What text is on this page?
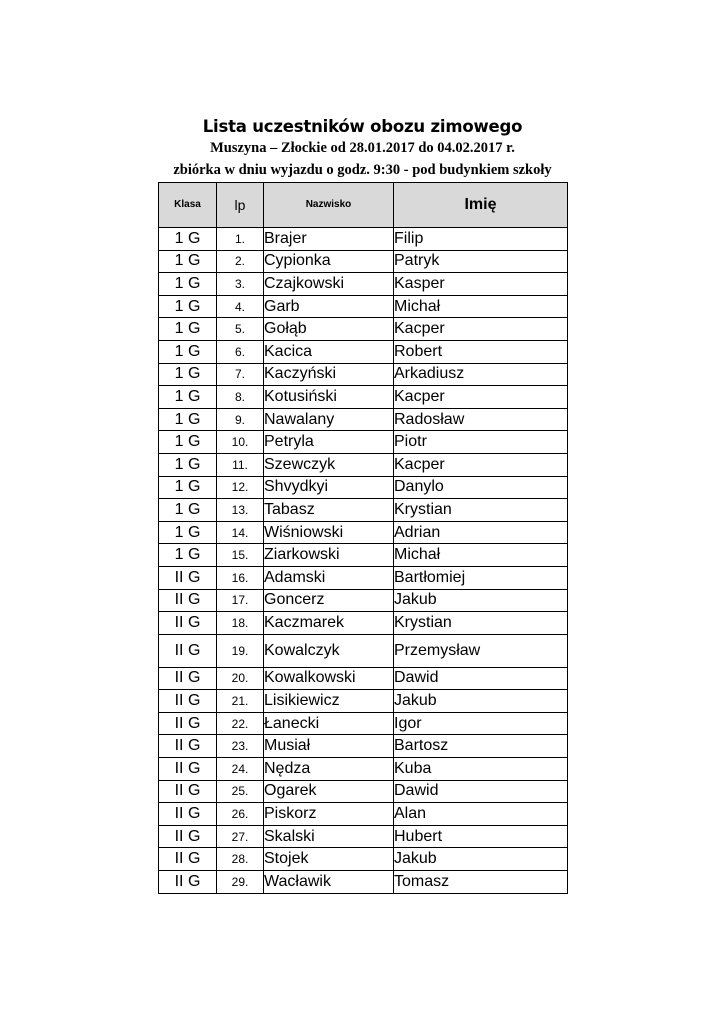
Lista uczestników obozu zimowego
Muszyna – Złockie od 28.01.2017 do 04.02.2017 r.
zbiórka w dniu wyjazdu o godz. 9:30 - pod budynkiem szkoły
Klasa	lp	Nazwisko	Imię
1 G	1.	Brajer	Filip
1 G	2.	Cypionka	Patryk
1 G	3.	Czajkowski	Kasper
1 G	4.	Garb	Michał
1 G	5.	Gołąb	Kacper
1 G	6.	Kacica	Robert
1 G	7.	Kaczyński	Arkadiusz
1 G	8.	Kotusiński	Kacper
1 G	9.	Nawalany	Radosław
1 G	10.	Petryla	Piotr
1 G	11.	Szewczyk	Kacper
1 G	12.	Shvydkyi	Danylo
1 G	13.	Tabasz	Krystian
1 G	14.	Wiśniowski	Adrian
1 G	15.	Ziarkowski	Michał
II G	16.	Adamski	Bartłomiej
II G	17.	Goncerz	Jakub
II G	18.	Kaczmarek	Krystian
II G	19.	Kowalczyk	Przemysław
II G	20.	Kowalkowski	Dawid
II G	21.	Lisikiewicz	Jakub
II G	22.	Łanecki	Igor
II G	23.	Musiał	Bartosz
II G	24.	Nędza	Kuba
II G	25.	Ogarek	Dawid
II G	26.	Piskorz	Alan
II G	27.	Skalski	Hubert
II G	28.	Stojek	Jakub
II G	29.	Wacławik	Tomasz
